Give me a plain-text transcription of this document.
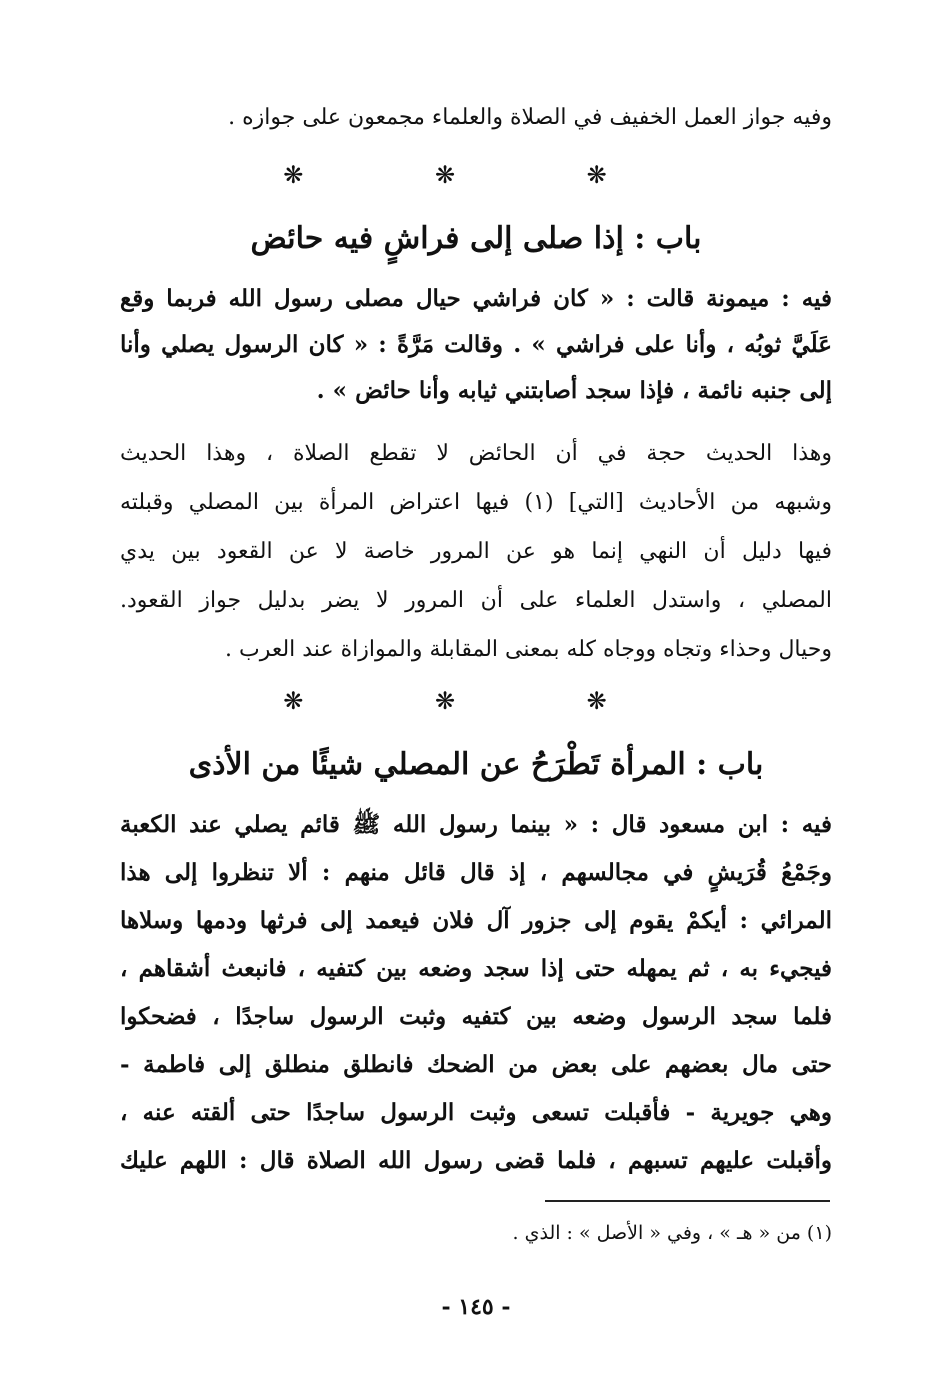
وفيه جواز العمل الخفيف في الصلاة والعلماء مجمعون على جوازه .
❋ ❋ ❋
باب : إذا صلى إلى فراشٍ فيه حائض
فيه : ميمونة قالت : « كان فراشي حيال مصلى رسول الله فربما وقع
عَلَيَّ ثوبُه ، وأنا على فراشي » . وقالت مَرَّةً : « كان الرسول يصلي وأنا
إلى جنبه نائمة ، فإذا سجد أصابتني ثيابه وأنا حائض » .
وهذا الحديث حجة في أن الحائض لا تقطع الصلاة ، وهذا الحديث
وشبهه من الأحاديث [التي] (١) فيها اعتراض المرأة بين المصلي وقبلته
فيها دليل أن النهي إنما هو عن المرور خاصة لا عن القعود بين يدي
المصلي ، واستدل العلماء على أن المرور لا يضر بدليل جواز القعود.
وحيال وحذاء وتجاه ووجاه كله بمعنى المقابلة والموازاة عند العرب .
❋ ❋ ❋
باب : المرأة تَطْرَحُ عن المصلي شيئًا من الأذى
فيه : ابن مسعود قال : « بينما رسول الله ﷺ قائم يصلي عند الكعبة
وجَمْعُ قُرَيشٍ في مجالسهم ، إذ قال قائل منهم : ألا تنظروا إلى هذا
المرائي : أيكمْ يقوم إلى جزور آل فلان فيعمد إلى فرثها ودمها وسلاها
فيجيء به ، ثم يمهله حتى إذا سجد وضعه بين كتفيه ، فانبعث أشقاهم ،
فلما سجد الرسول وضعه بين كتفيه وثبت الرسول ساجدًا ، فضحكوا
حتى مال بعضهم على بعض من الضحك فانطلق منطلق إلى فاطمة -
وهي جويرية - فأقبلت تسعى وثبت الرسول ساجدًا حتى ألقته عنه ،
وأقبلت عليهم تسبهم ، فلما قضى رسول الله الصلاة قال : اللهم عليك
(١) من « هـ » ، وفي « الأصل » : الذي .
- ١٤٥ -
